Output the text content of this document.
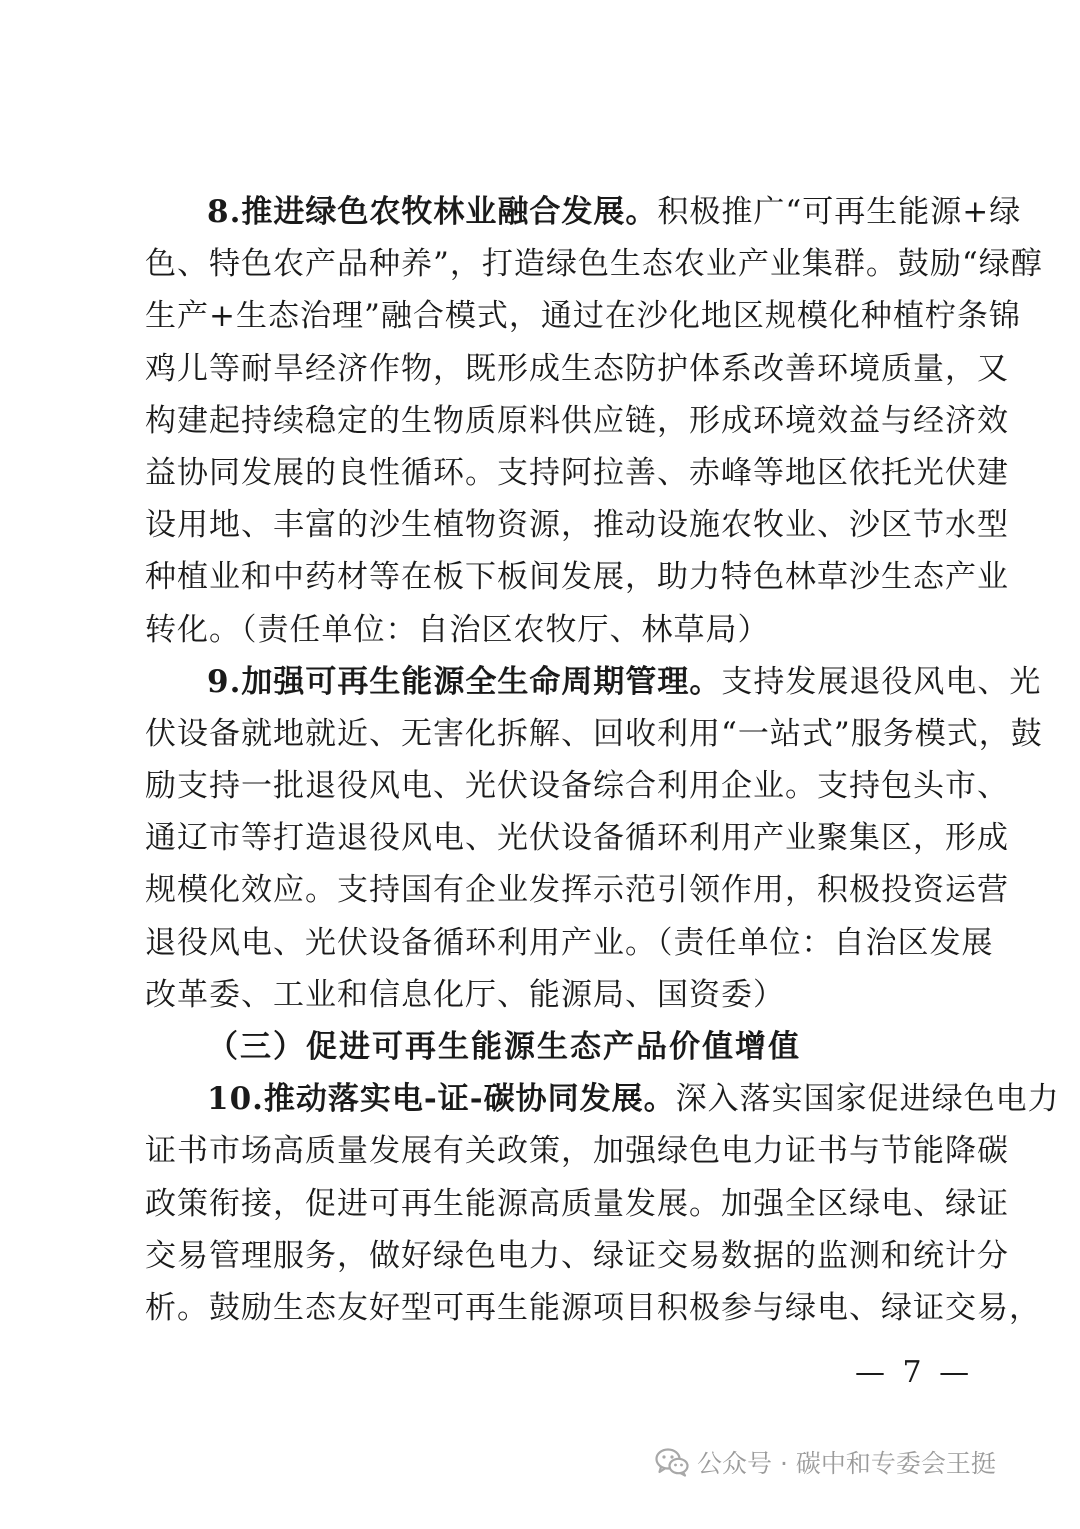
8.推进绿色农牧林业融合发展。积极推广“可再生能源+绿
色、特色农产品种养”，打造绿色生态农业产业集群。鼓励“绿醇
生产+生态治理”融合模式，通过在沙化地区规模化种植柠条锦
鸡儿等耐旱经济作物，既形成生态防护体系改善环境质量，又
构建起持续稳定的生物质原料供应链，形成环境效益与经济效
益协同发展的良性循环。支持阿拉善、赤峰等地区依托光伏建
设用地、丰富的沙生植物资源，推动设施农牧业、沙区节水型
种植业和中药材等在板下板间发展，助力特色林草沙生态产业
转化。（责任单位：自治区农牧厅、林草局）
9.加强可再生能源全生命周期管理。支持发展退役风电、光
伏设备就地就近、无害化拆解、回收利用“一站式”服务模式，鼓
励支持一批退役风电、光伏设备综合利用企业。支持包头市、
通辽市等打造退役风电、光伏设备循环利用产业聚集区，形成
规模化效应。支持国有企业发挥示范引领作用，积极投资运营
退役风电、光伏设备循环利用产业。（责任单位：自治区发展
改革委、工业和信息化厅、能源局、国资委）
（三）促进可再生能源生态产品价值增值
10.推动落实电-证-碳协同发展。深入落实国家促进绿色电力
证书市场高质量发展有关政策，加强绿色电力证书与节能降碳
政策衔接，促进可再生能源高质量发展。加强全区绿电、绿证
交易管理服务，做好绿色电力、绿证交易数据的监测和统计分
析。鼓励生态友好型可再生能源项目积极参与绿电、绿证交易，
— 7 —
公众号 · 碳中和专委会王挺
